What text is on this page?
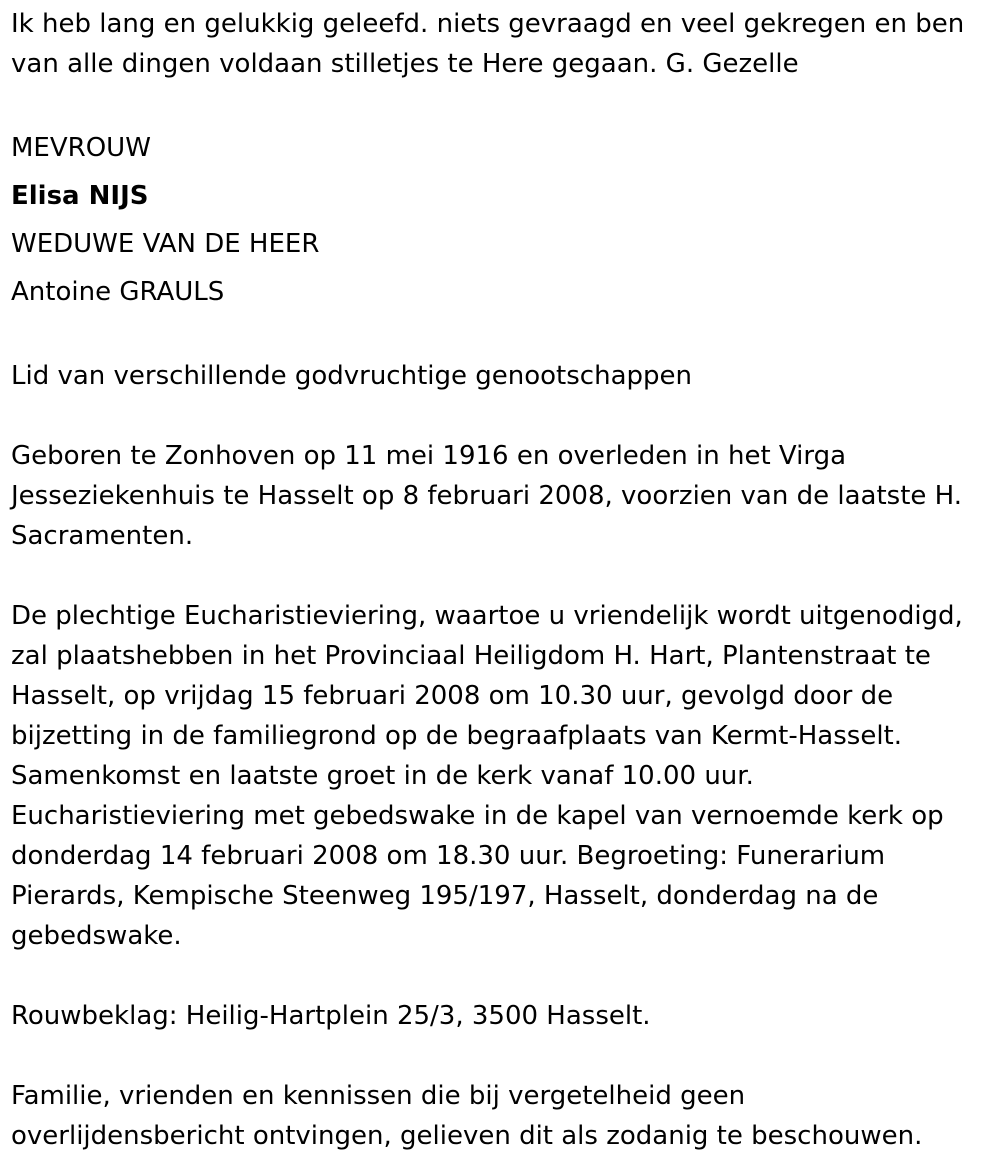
Ik heb lang en gelukkig geleefd. niets gevraagd en veel gekregen en ben
van alle dingen voldaan stilletjes te Here gegaan. G. Gezelle

MEVROUW
Elisa NIJS
WEDUWE VAN DE HEER
Antoine GRAULS

Lid van verschillende godvruchtige genootschappen

Geboren te Zonhoven op 11 mei 1916 en overleden in het Virga
Jesseziekenhuis te Hasselt op 8 februari 2008, voorzien van de laatste H.
Sacramenten.

De plechtige Eucharistieviering, waartoe u vriendelijk wordt uitgenodigd,
zal plaatshebben in het Provinciaal Heiligdom H. Hart, Plantenstraat te
Hasselt, op vrijdag 15 februari 2008 om 10.30 uur, gevolgd door de
bijzetting in de familiegrond op de begraafplaats van Kermt-Hasselt.
Samenkomst en laatste groet in de kerk vanaf 10.00 uur.
Eucharistieviering met gebedswake in de kapel van vernoemde kerk op
donderdag 14 februari 2008 om 18.30 uur. Begroeting: Funerarium
Pierards, Kempische Steenweg 195/197, Hasselt, donderdag na de
gebedswake.

Rouwbeklag: Heilig-Hartplein 25/3, 3500 Hasselt.

Familie, vrienden en kennissen die bij vergetelheid geen
overlijdensbericht ontvingen, gelieven dit als zodanig te beschouwen.
